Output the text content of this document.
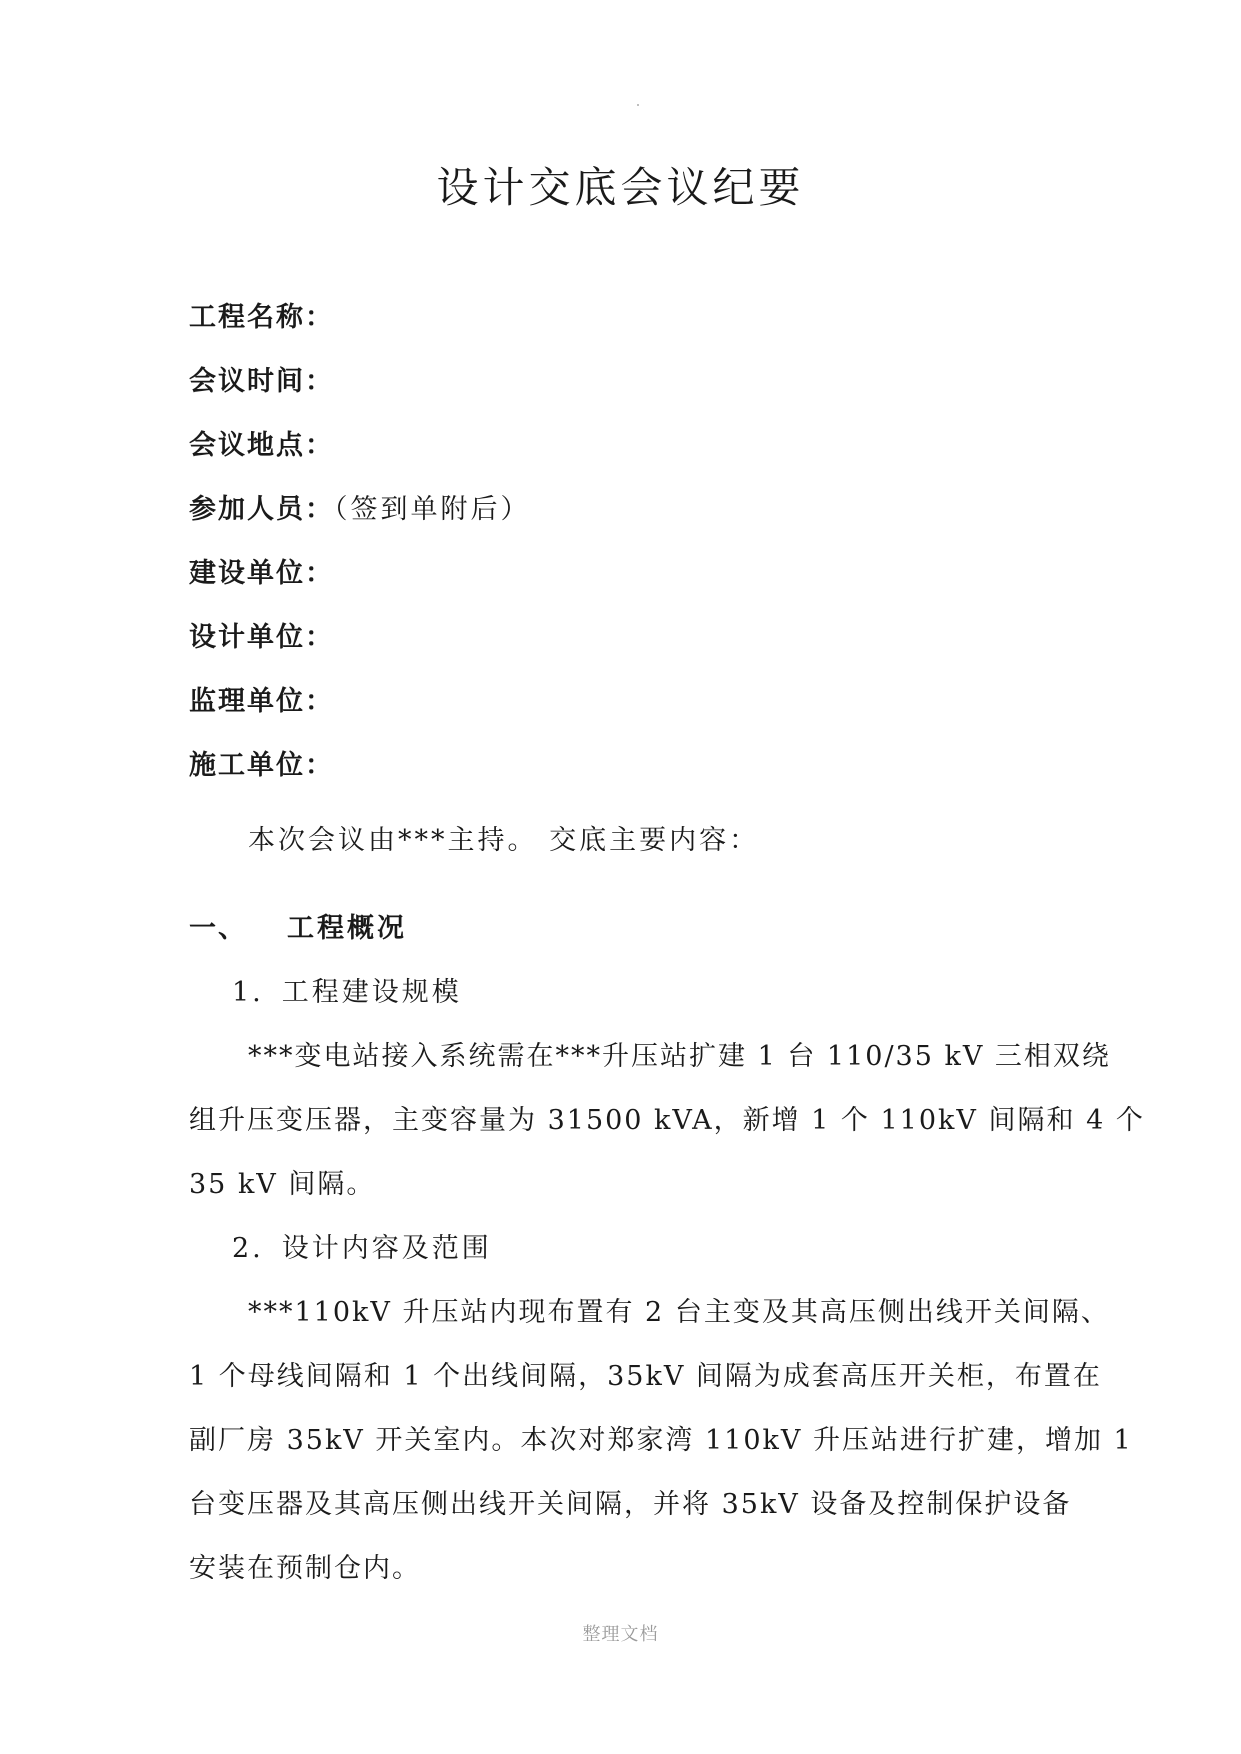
设计交底会议纪要
工程名称：
会议时间：
会议地点：
参加人员：（签到单附后）
建设单位：
设计单位：
监理单位：
施工单位：
本次会议由***主持。 交底主要内容：
一、 工程概况
1. 工程建设规模
***变电站接入系统需在***升压站扩建 1 台 110/35 kV 三相双绕
组升压变压器，主变容量为 31500 kVA，新增 1 个 110kV 间隔和 4 个
35 kV 间隔。
2. 设计内容及范围
***110kV 升压站内现布置有 2 台主变及其高压侧出线开关间隔、
1 个母线间隔和 1 个出线间隔，35kV 间隔为成套高压开关柜，布置在
副厂房 35kV 开关室内。本次对郑家湾 110kV 升压站进行扩建，增加 1
台变压器及其高压侧出线开关间隔，并将 35kV 设备及控制保护设备
安装在预制仓内。
整理文档
